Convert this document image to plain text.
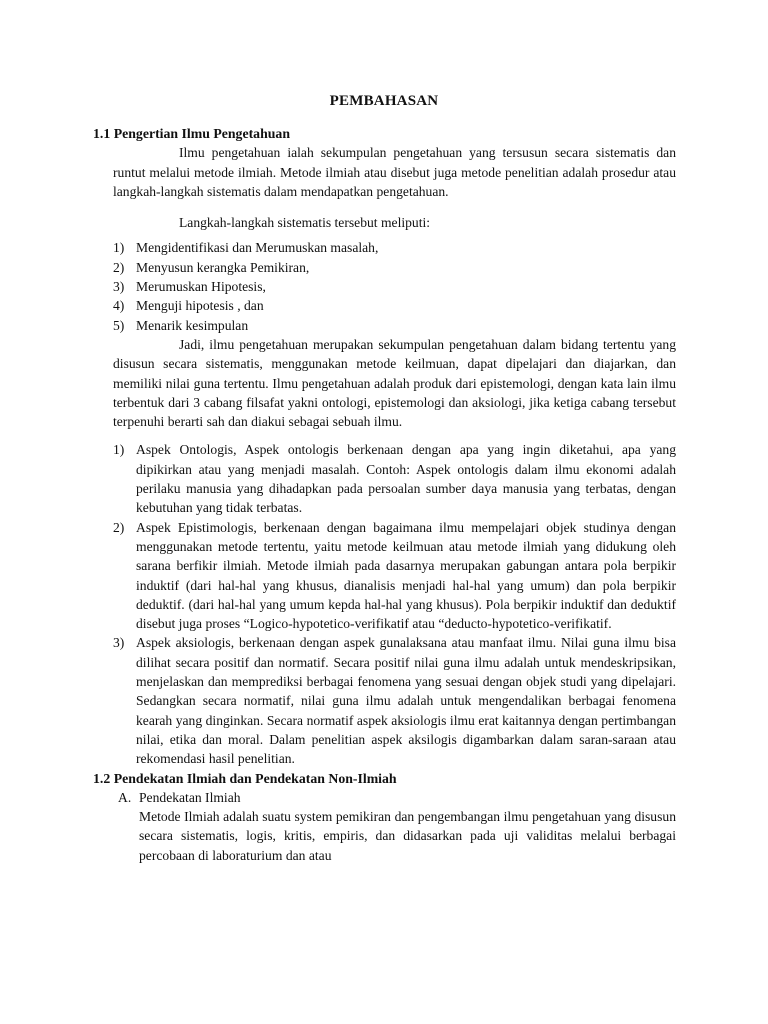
PEMBAHASAN
1.1 Pengertian Ilmu Pengetahuan

Ilmu pengetahuan ialah sekumpulan pengetahuan yang tersusun secara sistematis dan runtut melalui metode ilmiah. Metode ilmiah atau disebut juga metode penelitian adalah prosedur atau langkah-langkah sistematis dalam mendapatkan pengetahuan.

Langkah-langkah sistematis tersebut meliputi:

1) Mengidentifikasi dan Merumuskan masalah,
2) Menyusun kerangka Pemikiran,
3) Merumuskan Hipotesis,
4) Menguji hipotesis , dan
5) Menarik kesimpulan

Jadi, ilmu pengetahuan merupakan sekumpulan pengetahuan dalam bidang tertentu yang disusun secara sistematis, menggunakan metode keilmuan, dapat dipelajari dan diajarkan, dan memiliki nilai guna tertentu. Ilmu pengetahuan adalah produk dari epistemologi, dengan kata lain ilmu terbentuk dari 3 cabang filsafat yakni ontologi, epistemologi dan aksiologi, jika ketiga cabang tersebut terpenuhi berarti sah dan diakui sebagai sebuah ilmu.

1) Aspek Ontologis, Aspek ontologis berkenaan dengan apa yang ingin diketahui, apa yang dipikirkan atau yang menjadi masalah. Contoh: Aspek ontologis dalam ilmu ekonomi adalah perilaku manusia yang dihadapkan pada persoalan sumber daya manusia yang terbatas, dengan kebutuhan yang tidak terbatas.
2) Aspek Epistimologis, berkenaan dengan bagaimana ilmu mempelajari objek studinya dengan menggunakan metode tertentu, yaitu metode keilmuan atau metode ilmiah yang didukung oleh sarana berfikir ilmiah. Metode ilmiah pada dasarnya merupakan gabungan antara pola berpikir induktif (dari hal-hal yang khusus, dianalisis menjadi hal-hal yang umum) dan pola berpikir deduktif. (dari hal-hal yang umum kepda hal-hal yang khusus). Pola berpikir induktif dan deduktif disebut juga proses “Logico-hypotetico-verifikatif atau “deducto-hypotetico-verifikatif.
3) Aspek aksiologis, berkenaan dengan aspek gunalaksana atau manfaat ilmu. Nilai guna ilmu bisa dilihat secara positif dan normatif. Secara positif nilai guna ilmu adalah untuk mendeskripsikan, menjelaskan dan memprediksi berbagai fenomena yang sesuai dengan objek studi yang dipelajari. Sedangkan secara normatif, nilai guna ilmu adalah untuk mengendalikan berbagai fenomena kearah yang dinginkan. Secara normatif aspek aksiologis ilmu erat kaitannya dengan pertimbangan nilai, etika dan moral. Dalam penelitian aspek aksilogis digambarkan dalam saran-saraan atau rekomendasi hasil penelitian.
1.2 Pendekatan Ilmiah dan Pendekatan Non-Ilmiah
A. Pendekatan Ilmiah

Metode Ilmiah adalah suatu system pemikiran dan pengembangan ilmu pengetahuan yang disusun secara sistematis, logis, kritis, empiris, dan didasarkan pada uji validitas melalui berbagai percobaan di laboraturium dan atau
